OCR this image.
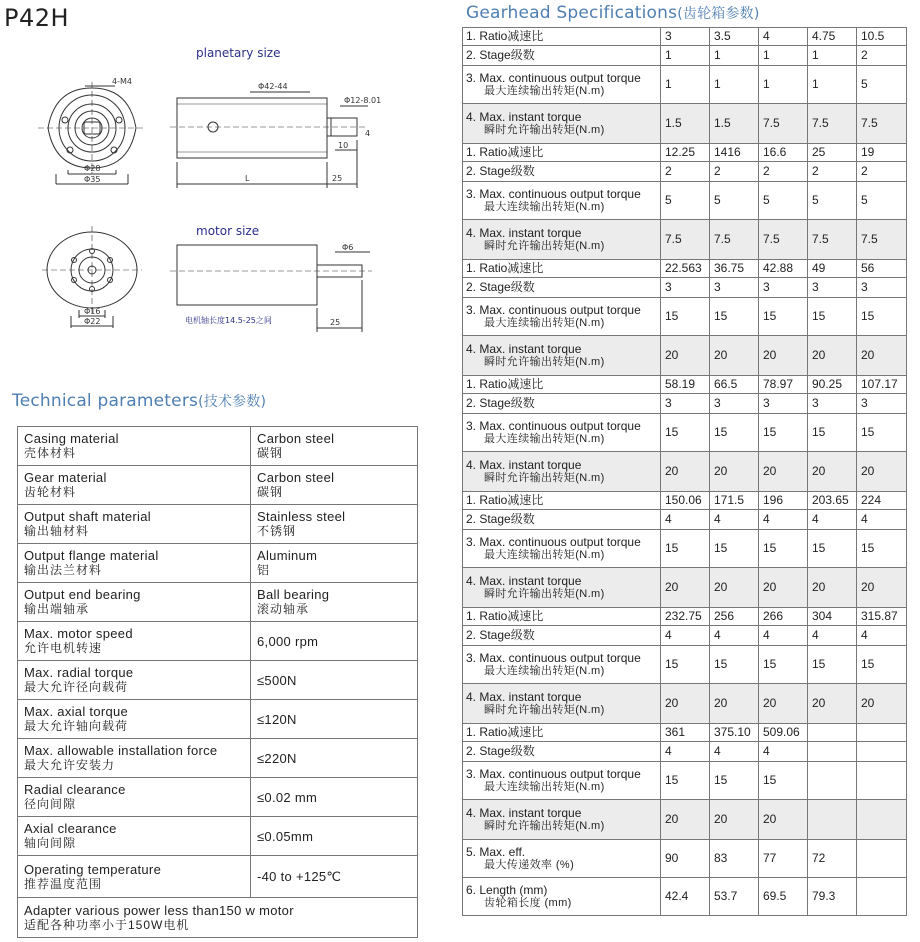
P42H
planetary size
motor size
4-M4
Φ42-44
Φ12-8.01
Φ28
Φ35	L	25
10
4
Φ6
Φ16
Φ22	25
电机轴长度14.5-25之间
Technical parameters(技术参数)
Casing material
壳体材料	Carbon steel
碳钢

Gear material
齿轮材料	Carbon steel
碳钢

Output shaft material
输出轴材料	Stainless steel
不锈钢

Output flange material
输出法兰材料	Aluminum
铝

Output end bearing
输出端轴承	Ball bearing
滚动轴承

Max. motor speed
允许电机转速	6,000 rpm

Max. radial torque
最大允许径向载荷	≤500N

Max. axial torque
最大允许轴向载荷	≤120N

Max. allowable installation force
最大允许安装力	≤220N

Radial clearance
径向间隙	≤0.02 mm

Axial clearance
轴向间隙	≤0.05mm

Operating temperature
推荐温度范围	-40 to +125℃

Adapter various power less than150 w motor
适配各种功率小于150W电机	
Gearhead Specifications(齿轮箱参数)
1. Ratio减速比	3	3.5	4	4.75	10.5
2. Stage级数	1	1	1	1	2

3. Max. continuous output torque
最大连续输出转矩(N.m)	1	1	1	1	5

4. Max. instant torque
瞬时允许输出转矩(N.m)	1.5	1.5	7.5	7.5	7.5
1. Ratio减速比	12.25	1416	16.6	25	19
2. Stage级数	2	2	2	2	2

3. Max. continuous output torque
最大连续输出转矩(N.m)	5	5	5	5	5

4. Max. instant torque
瞬时允许输出转矩(N.m)	7.5	7.5	7.5	7.5	7.5
1. Ratio减速比	22.563	36.75	42.88	49	56
2. Stage级数	3	3	3	3	3

3. Max. continuous output torque
最大连续输出转矩(N.m)	15	15	15	15	15

4. Max. instant torque
瞬时允许输出转矩(N.m)	20	20	20	20	20
1. Ratio减速比	58.19	66.5	78.97	90.25	107.17
2. Stage级数	3	3	3	3	3

3. Max. continuous output torque
最大连续输出转矩(N.m)	15	15	15	15	15

4. Max. instant torque
瞬时允许输出转矩(N.m)	20	20	20	20	20
1. Ratio减速比	150.06	171.5	196	203.65	224
2. Stage级数	4	4	4	4	4

3. Max. continuous output torque
最大连续输出转矩(N.m)	15	15	15	15	15

4. Max. instant torque
瞬时允许输出转矩(N.m)	20	20	20	20	20
1. Ratio减速比	232.75	256	266	304	315.87
2. Stage级数	4	4	4	4	4

3. Max. continuous output torque
最大连续输出转矩(N.m)	15	15	15	15	15

4. Max. instant torque
瞬时允许输出转矩(N.m)	20	20	20	20	20
1. Ratio减速比	361	375.10	509.06		
2. Stage级数	4	4	4		

3. Max. continuous output torque
最大连续输出转矩(N.m)	15	15	15		

4. Max. instant torque
瞬时允许输出转矩(N.m)	20	20	20		

5. Max. eff.
最大传递效率 (%)	90	83	77	72	

6. Length (mm)
齿轮箱长度 (mm)	42.4	53.7	69.5	79.3	
